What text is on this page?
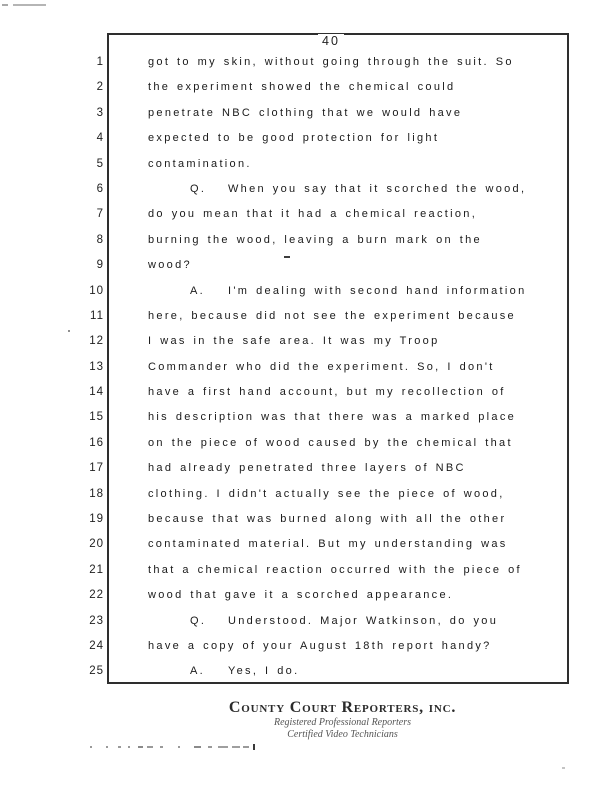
40
1	got to my skin, without going through the suit. So
2	the experiment showed the chemical could
3	penetrate NBC clothing that we would have
4	expected to be good protection for light
5	contamination.
6	Q. When you say that it scorched the wood,
7	do you mean that it had a chemical reaction,
8	burning the wood, leaving a burn mark on the
9	wood?
10	A. I'm dealing with second hand information
11	here, because did not see the experiment because
12	I was in the safe area. It was my Troop
13	Commander who did the experiment. So, I don't
14	have a first hand account, but my recollection of
15	his description was that there was a marked place
16	on the piece of wood caused by the chemical that
17	had already penetrated three layers of NBC
18	clothing. I didn't actually see the piece of wood,
19	because that was burned along with all the other
20	contaminated material. But my understanding was
21	that a chemical reaction occurred with the piece of
22	wood that gave it a scorched appearance.
23	Q. Understood. Major Watkinson, do you
24	have a copy of your August 18th report handy?
25	A. Yes, I do.
County Court Reporters, inc.
Registered Professional Reporters
Certified Video Technicians
